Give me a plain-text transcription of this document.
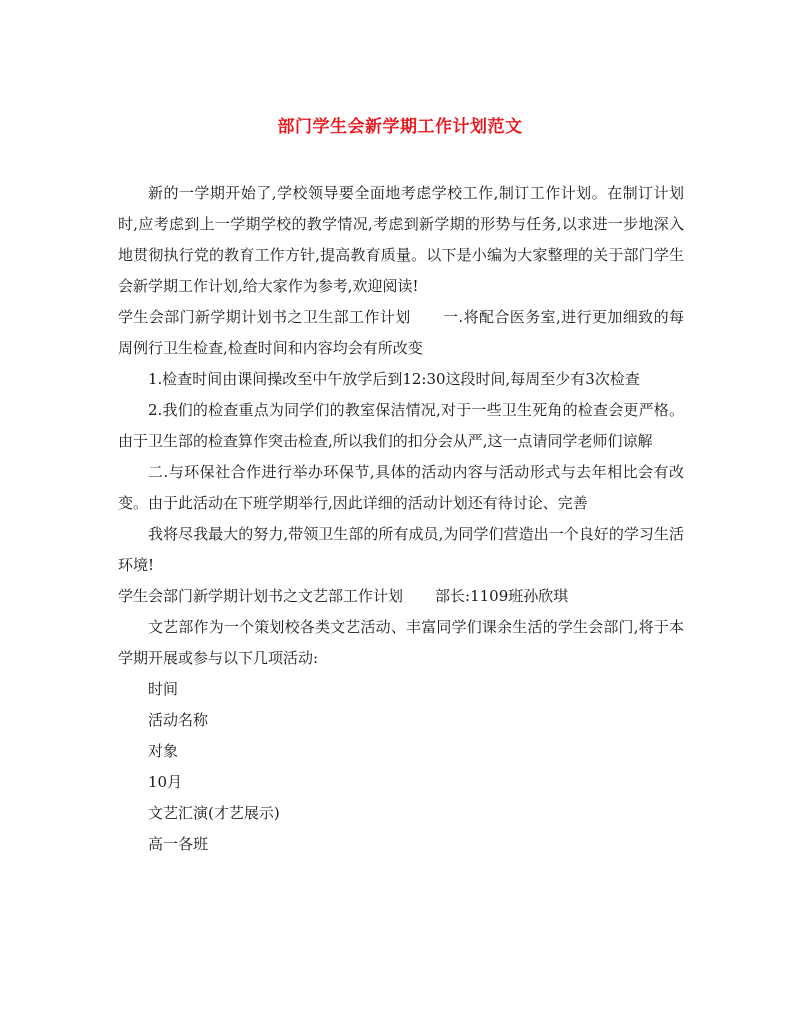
部门学生会新学期工作计划范文

新的一学期开始了,学校领导要全面地考虑学校工作,制订工作计划。在制订计划时,应考虑到上一学期学校的教学情况,考虑到新学期的形势与任务,以求进一步地深入地贯彻执行党的教育工作方针,提高教育质量。以下是小编为大家整理的关于部门学生会新学期工作计划,给大家作为参考,欢迎阅读!

学生会部门新学期计划书之卫生部工作计划 一.将配合医务室,进行更加细致的每周例行卫生检查,检查时间和内容均会有所改变

1.检查时间由课间操改至中午放学后到12:30这段时间,每周至少有3次检查

2.我们的检查重点为同学们的教室保洁情况,对于一些卫生死角的检查会更严格。由于卫生部的检查算作突击检查,所以我们的扣分会从严,这一点请同学老师们谅解

二.与环保社合作进行举办环保节,具体的活动内容与活动形式与去年相比会有改变。由于此活动在下班学期举行,因此详细的活动计划还有待讨论、完善

我将尽我最大的努力,带领卫生部的所有成员,为同学们营造出一个良好的学习生活环境!

学生会部门新学期计划书之文艺部工作计划 部长:1109班孙欣琪

文艺部作为一个策划校各类文艺活动、丰富同学们课余生活的学生会部门,将于本学期开展或参与以下几项活动:

时间

活动名称

对象

10月

文艺汇演(才艺展示)

高一各班
